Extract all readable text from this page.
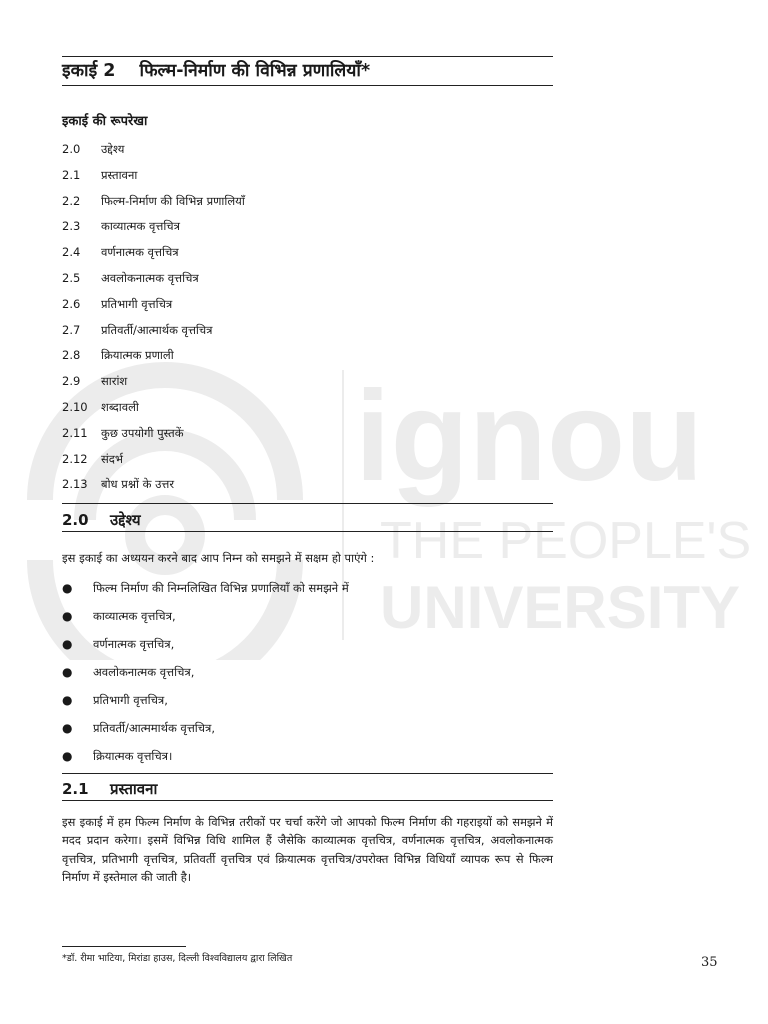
ignou
THE PEOPLE'S
UNIVERSITY
इकाई 2 फिल्म-निर्माण की विभिन्न प्रणालियाँ*
इकाई की रूपरेखा
2.0 उद्देश्य
2.1 प्रस्तावना
2.2 फिल्म-निर्माण की विभिन्न प्रणालियाँ
2.3 काव्यात्मक वृत्तचित्र
2.4 वर्णनात्मक वृत्तचित्र
2.5 अवलोकनात्मक वृत्तचित्र
2.6 प्रतिभागी वृत्तचित्र
2.7 प्रतिवर्ती/आत्मार्थक वृत्तचित्र
2.8 क्रियात्मक प्रणाली
2.9 सारांश
2.10 शब्दावली
2.11 कुछ उपयोगी पुस्तकें
2.12 संदर्भ
2.13 बोध प्रश्नों के उत्तर
2.0 उद्देश्य
इस इकाई का अध्ययन करने बाद आप निम्न को समझने में सक्षम हो पाएंगे :
● फिल्म निर्माण की निम्नलिखित विभिन्न प्रणालियाँ को समझने में
● काव्यात्मक वृत्तचित्र,
● वर्णनात्मक वृत्तचित्र,
● अवलोकनात्मक वृत्तचित्र,
● प्रतिभागी वृत्तचित्र,
● प्रतिवर्ती/आत्ममार्थक वृत्तचित्र,
● क्रियात्मक वृत्तचित्र।
2.1 प्रस्तावना

इस इकाई में हम फिल्म निर्माण के विभिन्न तरीकों पर चर्चा करेंगे जो आपको फिल्म निर्माण की गहराइयों को समझने में मदद प्रदान करेगा। इसमें विभिन्न विधि शामिल हैं जैसेकि काव्यात्मक वृत्तचित्र, वर्णनात्मक वृत्तचित्र, अवलोकनात्मक वृत्तचित्र, प्रतिभागी वृत्तचित्र, प्रतिवर्ती वृत्तचित्र एवं क्रियात्मक वृत्तचित्र/उपरोक्त विभिन्न विधियाँ व्यापक रूप से फिल्म निर्माण में इस्तेमाल की जाती है।

*डॉ. रीमा भाटिया, मिरांडा हाउस, दिल्ली विश्वविद्यालय द्वारा लिखित	35
